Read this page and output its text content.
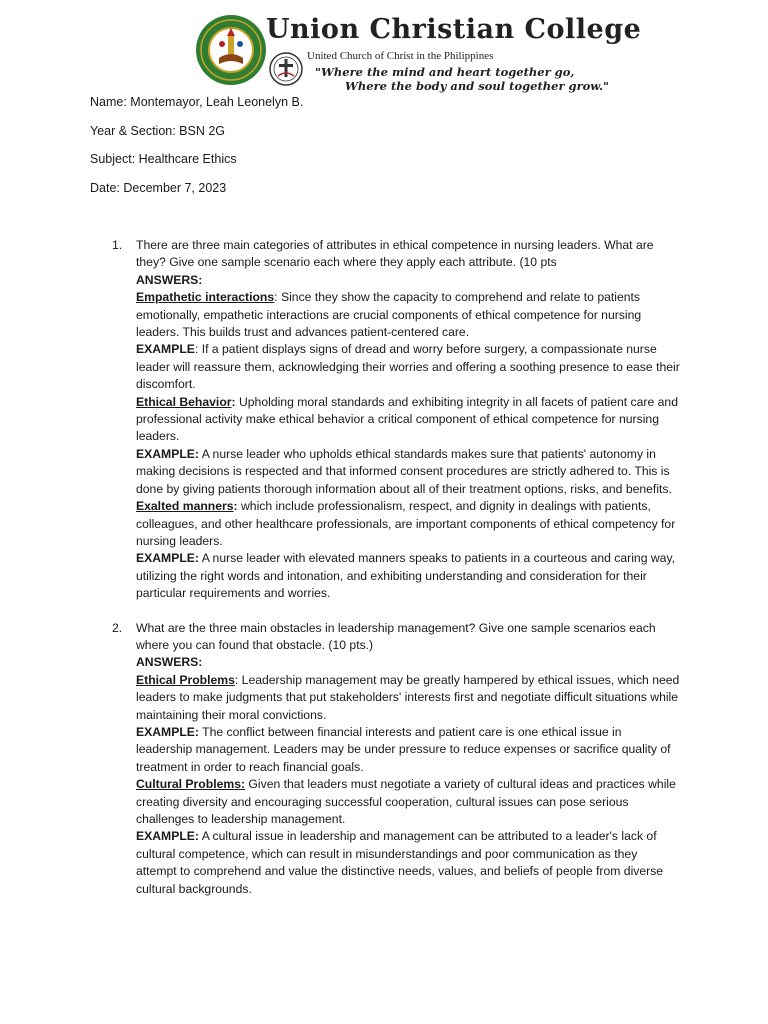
Union Christian College
United Church of Christ in the Philippines
"Where the mind and heart together go,
Where the body and soul together grow."
Name: Montemayor, Leah Leonelyn B.
Year & Section: BSN 2G
Subject: Healthcare Ethics
Date: December 7, 2023
1. There are three main categories of attributes in ethical competence in nursing leaders. What are they? Give one sample scenario each where they apply each attribute. (10 pts
ANSWERS:
Empathetic interactions: Since they show the capacity to comprehend and relate to patients emotionally, empathetic interactions are crucial components of ethical competence for nursing leaders. This builds trust and advances patient-centered care.
EXAMPLE: If a patient displays signs of dread and worry before surgery, a compassionate nurse leader will reassure them, acknowledging their worries and offering a soothing presence to ease their discomfort.
Ethical Behavior: Upholding moral standards and exhibiting integrity in all facets of patient care and professional activity make ethical behavior a critical component of ethical competence for nursing leaders.
EXAMPLE: A nurse leader who upholds ethical standards makes sure that patients' autonomy in making decisions is respected and that informed consent procedures are strictly adhered to. This is done by giving patients thorough information about all of their treatment options, risks, and benefits.
Exalted manners: which include professionalism, respect, and dignity in dealings with patients, colleagues, and other healthcare professionals, are important components of ethical competency for nursing leaders.
EXAMPLE: A nurse leader with elevated manners speaks to patients in a courteous and caring way, utilizing the right words and intonation, and exhibiting understanding and consideration for their particular requirements and worries.
2. What are the three main obstacles in leadership management? Give one sample scenarios each where you can found that obstacle. (10 pts.)
ANSWERS:
Ethical Problems: Leadership management may be greatly hampered by ethical issues, which need leaders to make judgments that put stakeholders' interests first and negotiate difficult situations while maintaining their moral convictions.
EXAMPLE: The conflict between financial interests and patient care is one ethical issue in leadership management. Leaders may be under pressure to reduce expenses or sacrifice quality of treatment in order to reach financial goals.
Cultural Problems: Given that leaders must negotiate a variety of cultural ideas and practices while creating diversity and encouraging successful cooperation, cultural issues can pose serious challenges to leadership management.
EXAMPLE: A cultural issue in leadership and management can be attributed to a leader's lack of cultural competence, which can result in misunderstandings and poor communication as they attempt to comprehend and value the distinctive needs, values, and beliefs of people from diverse cultural backgrounds.
